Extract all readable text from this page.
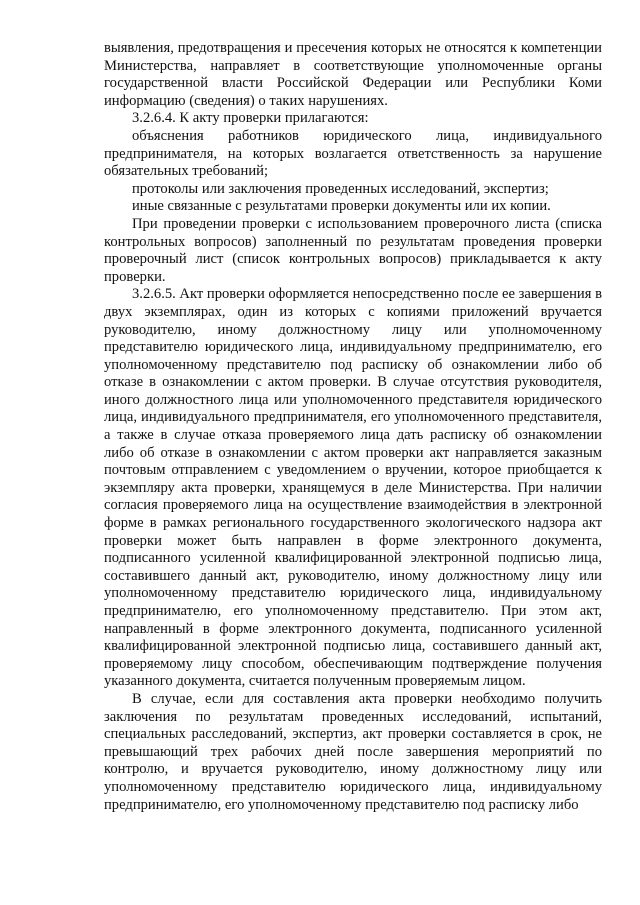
выявления, предотвращения и пресечения которых не относятся к компетенции Министерства, направляет в соответствующие уполномоченные органы государственной власти Российской Федерации или Республики Коми информацию (сведения) о таких нарушениях.

3.2.6.4. К акту проверки прилагаются:

объяснения работников юридического лица, индивидуального предпринимателя, на которых возлагается ответственность за нарушение обязательных требований;

протоколы или заключения проведенных исследований, экспертиз;

иные связанные с результатами проверки документы или их копии.

При проведении проверки с использованием проверочного листа (списка контрольных вопросов) заполненный по результатам проведения проверки проверочный лист (список контрольных вопросов) прикладывается к акту проверки.

3.2.6.5. Акт проверки оформляется непосредственно после ее завершения в двух экземплярах, один из которых с копиями приложений вручается руководителю, иному должностному лицу или уполномоченному представителю юридического лица, индивидуальному предпринимателю, его уполномоченному представителю под расписку об ознакомлении либо об отказе в ознакомлении с актом проверки. В случае отсутствия руководителя, иного должностного лица или уполномоченного представителя юридического лица, индивидуального предпринимателя, его уполномоченного представителя, а также в случае отказа проверяемого лица дать расписку об ознакомлении либо об отказе в ознакомлении с актом проверки акт направляется заказным почтовым отправлением с уведомлением о вручении, которое приобщается к экземпляру акта проверки, хранящемуся в деле Министерства. При наличии согласия проверяемого лица на осуществление взаимодействия в электронной форме в рамках регионального государственного экологического надзора акт проверки может быть направлен в форме электронного документа, подписанного усиленной квалифицированной электронной подписью лица, составившего данный акт, руководителю, иному должностному лицу или уполномоченному представителю юридического лица, индивидуальному предпринимателю, его уполномоченному представителю. При этом акт, направленный в форме электронного документа, подписанного усиленной квалифицированной электронной подписью лица, составившего данный акт, проверяемому лицу способом, обеспечивающим подтверждение получения указанного документа, считается полученным проверяемым лицом.

В случае, если для составления акта проверки необходимо получить заключения по результатам проведенных исследований, испытаний, специальных расследований, экспертиз, акт проверки составляется в срок, не превышающий трех рабочих дней после завершения мероприятий по контролю, и вручается руководителю, иному должностному лицу или уполномоченному представителю юридического лица, индивидуальному предпринимателю, его уполномоченному представителю под расписку либо
